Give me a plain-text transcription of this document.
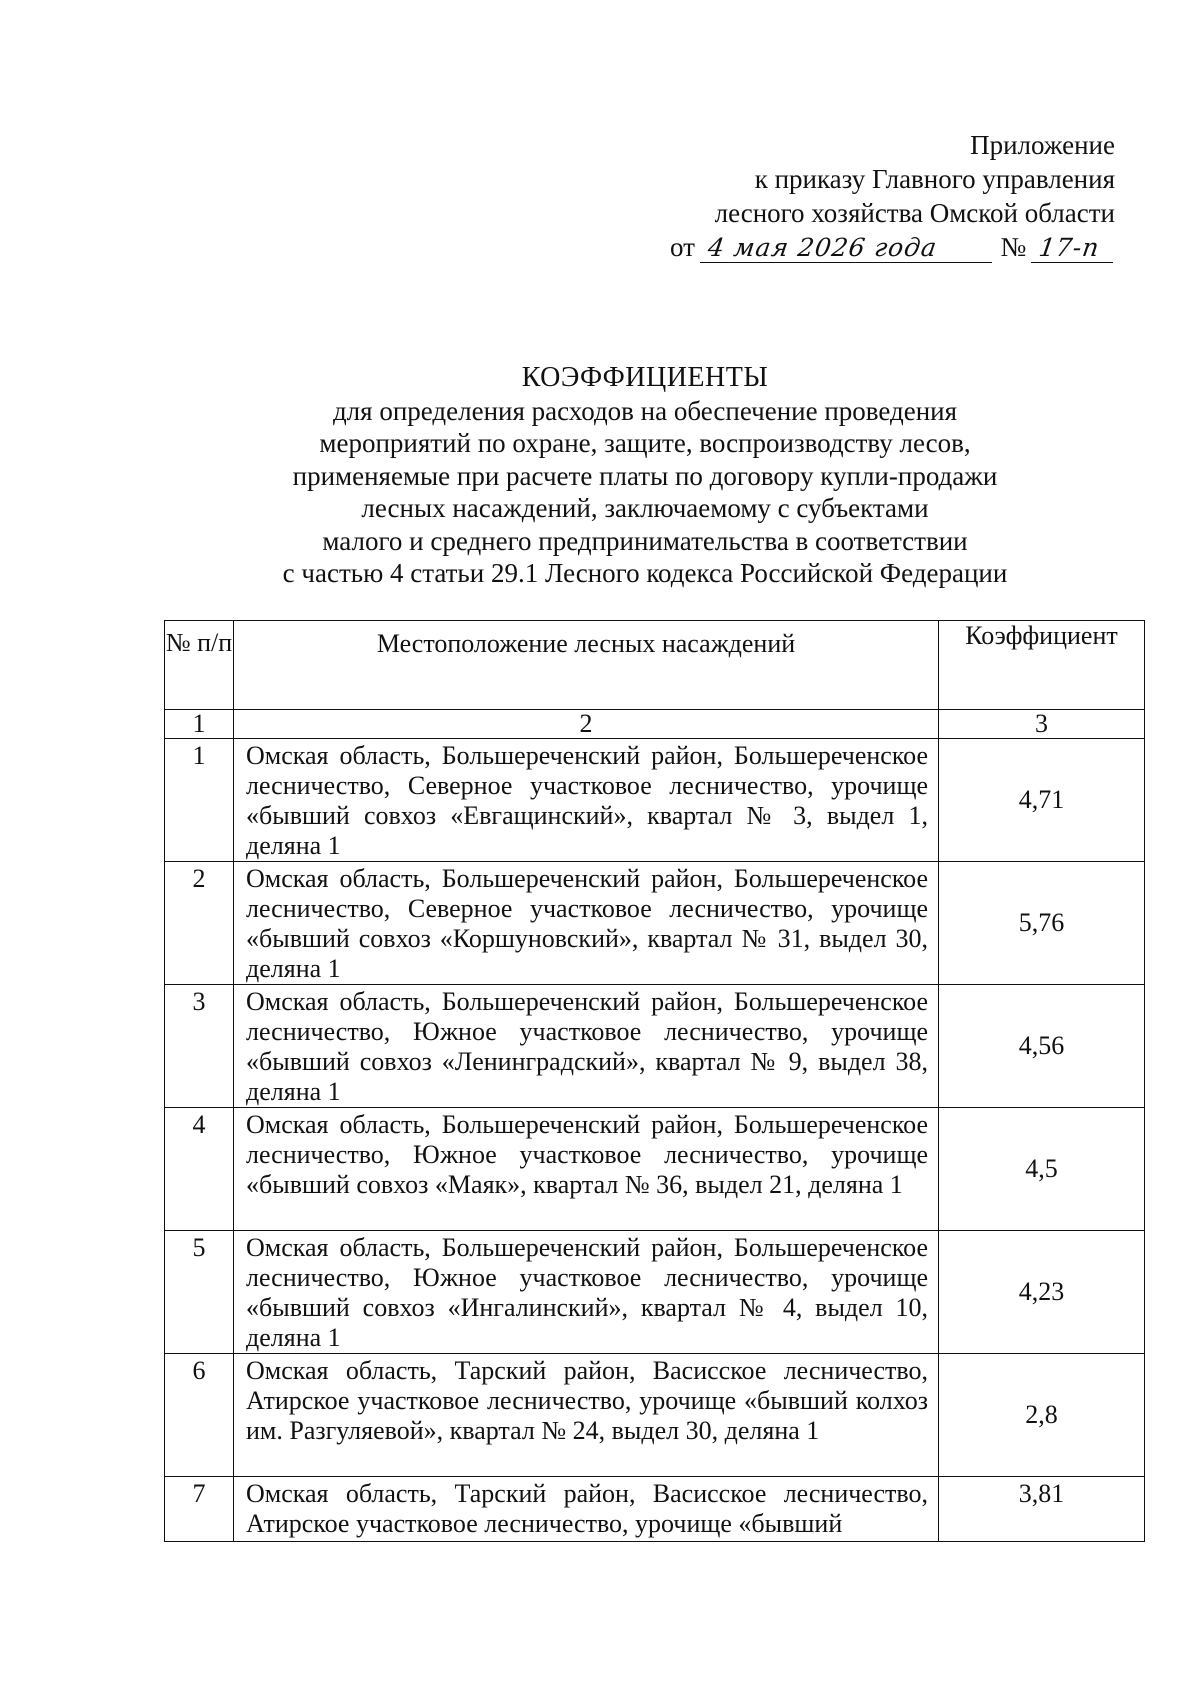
Приложение
к приказу Главного управления
лесного хозяйства Омской области
от 4 мая 2026 года № 17-п
КОЭФФИЦИЕНТЫ
для определения расходов на обеспечение проведения
мероприятий по охране, защите, воспроизводству лесов,
применяемые при расчете платы по договору купли-продажи
лесных насаждений, заключаемому с субъектами
малого и среднего предпринимательства в соответствии
с частью 4 статьи 29.1 Лесного кодекса Российской Федерации
№ п/п	Местоположение лесных насаждений	Коэффициент
1	2	3
1	Омская область, Большереченский район, Большереченское лесничество, Северное участковое лесничество, урочище «бывший совхоз «Евгащинский», квартал № 3, выдел 1, деляна 1	4,71
2	Омская область, Большереченский район, Большереченское лесничество, Северное участковое лесничество, урочище «бывший совхоз «Коршуновский», квартал № 31, выдел 30, деляна 1	5,76
3	Омская область, Большереченский район, Большереченское лесничество, Южное участковое лесничество, урочище «бывший совхоз «Ленинградский», квартал № 9, выдел 38, деляна 1	4,56
4	Омская область, Большереченский район, Большереченское лесничество, Южное участковое лесничество, урочище «бывший совхоз «Маяк», квартал № 36, выдел 21, деляна 1	4,5
5	Омская область, Большереченский район, Большереченское лесничество, Южное участковое лесничество, урочище «бывший совхоз «Ингалинский», квартал № 4, выдел 10, деляна 1	4,23
6	Омская область, Тарский район, Васисское лесничество, Атирское участковое лесничество, урочище «бывший колхоз им. Разгуляевой», квартал № 24, выдел 30, деляна 1	2,8
7	Омская область, Тарский район, Васисское лесничество, Атирское участковое лесничество, урочище «бывший	3,81
